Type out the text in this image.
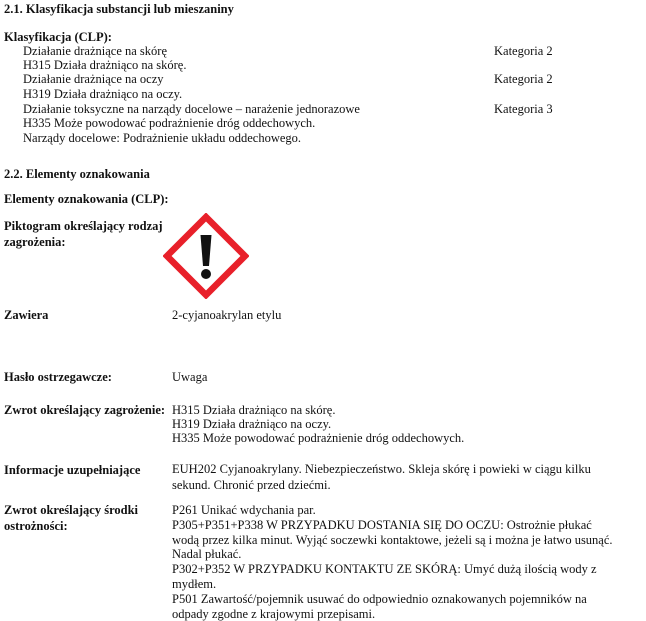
2.1. Klasyfikacja substancji lub mieszaniny
Klasyfikacja (CLP):
Działanie drażniące na skórę	Kategoria 2
H315 Działa drażniąco na skórę.
Działanie drażniące na oczy	Kategoria 2
H319 Działa drażniąco na oczy.
Działanie toksyczne na narządy docelowe – narażenie jednorazowe	Kategoria 3
H335 Może powodować podrażnienie dróg oddechowych.
Narządy docelowe: Podrażnienie układu oddechowego.
2.2. Elementy oznakowania
Elementy oznakowania (CLP):
Piktogram określający rodzaj zagrożenia:
Zawiera	2-cyjanoakrylan etylu
Hasło ostrzegawcze:	Uwaga
Zwrot określający zagrożenie: H315 Działa drażniąco na skórę.
H319 Działa drażniąco na oczy.
H335 Może powodować podrażnienie dróg oddechowych.
Informacje uzupełniające	EUH202 Cyjanoakrylany. Niebezpieczeństwo. Skleja skórę i powieki w ciągu kilku sekund. Chronić przed dziećmi.
Zwrot określający środki ostrożności:
P261 Unikać wdychania par.
P305+P351+P338 W PRZYPADKU DOSTANIA SIĘ DO OCZU: Ostrożnie płukać wodą przez kilka minut. Wyjąć soczewki kontaktowe, jeżeli są i można je łatwo usunąć. Nadal płukać.
P302+P352 W PRZYPADKU KONTAKTU ZE SKÓRĄ: Umyć dużą ilością wody z mydłem.
P501 Zawartość/pojemnik usuwać do odpowiednio oznakowanych pojemników na odpady zgodne z krajowymi przepisami.
